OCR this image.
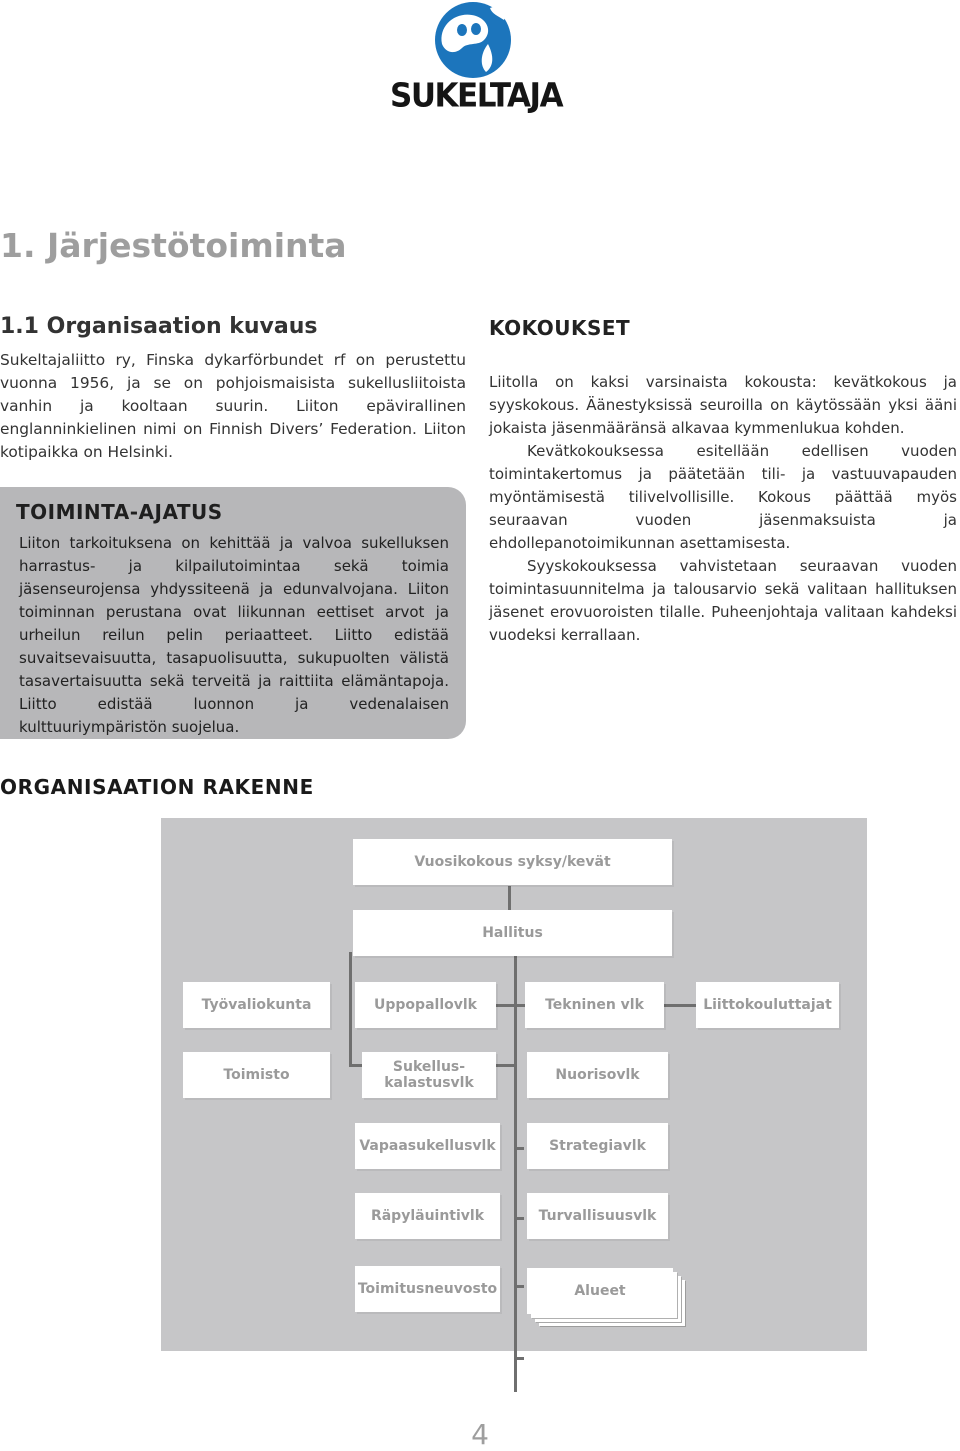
SUKELTAJA
1. Järjestötoiminta
1.1 Organisaation kuvaus

Sukeltajaliitto ry, Finska dykarförbundet rf on perustettu vuonna 1956, ja se on pohjoismaisista sukellusliitoista vanhin ja kooltaan suurin. Liiton epävirallinen englanninkielinen nimi on Finnish Divers’ Federation. Liiton kotipaikka on Helsinki.

TOIMINTA-AJATUS

Liiton tarkoituksena on kehittää ja valvoa sukelluksen harrastus- ja kilpailutoimintaa sekä toimia jäsenseurojensa yhdyssiteenä ja edunvalvojana. Liiton toiminnan perustana ovat liikunnan eettiset arvot ja urheilun reilun pelin periaatteet. Liitto edistää suvaitsevaisuutta, tasapuolisuutta, sukupuolten välistä tasavertaisuutta sekä terveitä ja raittiita elämäntapoja. Liitto edistää luonnon ja vedenalaisen kulttuuriympäristön suojelua.

KOKOUKSET

Liitolla on kaksi varsinaista kokousta: kevätkokous ja syyskokous. Äänestyksissä seuroilla on käytössään yksi ääni jokaista jäsenmääränsä alkavaa kymmenlukua kohden.

Kevätkokouksessa esitellään edellisen vuoden toimintakertomus ja päätetään tili- ja vastuuvapauden myöntämisestä tilivelvollisille. Kokous päättää myös seuraavan vuoden jäsenmaksuista ja ehdollepanotoimikunnan asettamisesta.

Syyskokouksessa vahvistetaan seuraavan vuoden toimintasuunnitelma ja talousarvio sekä valitaan hallituksen jäsenet erovuoroisten tilalle. Puheenjohtaja valitaan kahdeksi vuodeksi kerrallaan.

ORGANISAATION RAKENNE
Vuosikokous syksy/kevät
Hallitus
Työvaliokunta	Uppopallovlk	Tekninen vlk	Liittokouluttajat
Toimisto	Sukellus-
kalastusvlk	Nuorisovlk
Vapaasukellusvlk	Strategiavlk
Räpyläuintivlk	Turvallisuusvlk
Toimitusneuvosto	Alueet
4
